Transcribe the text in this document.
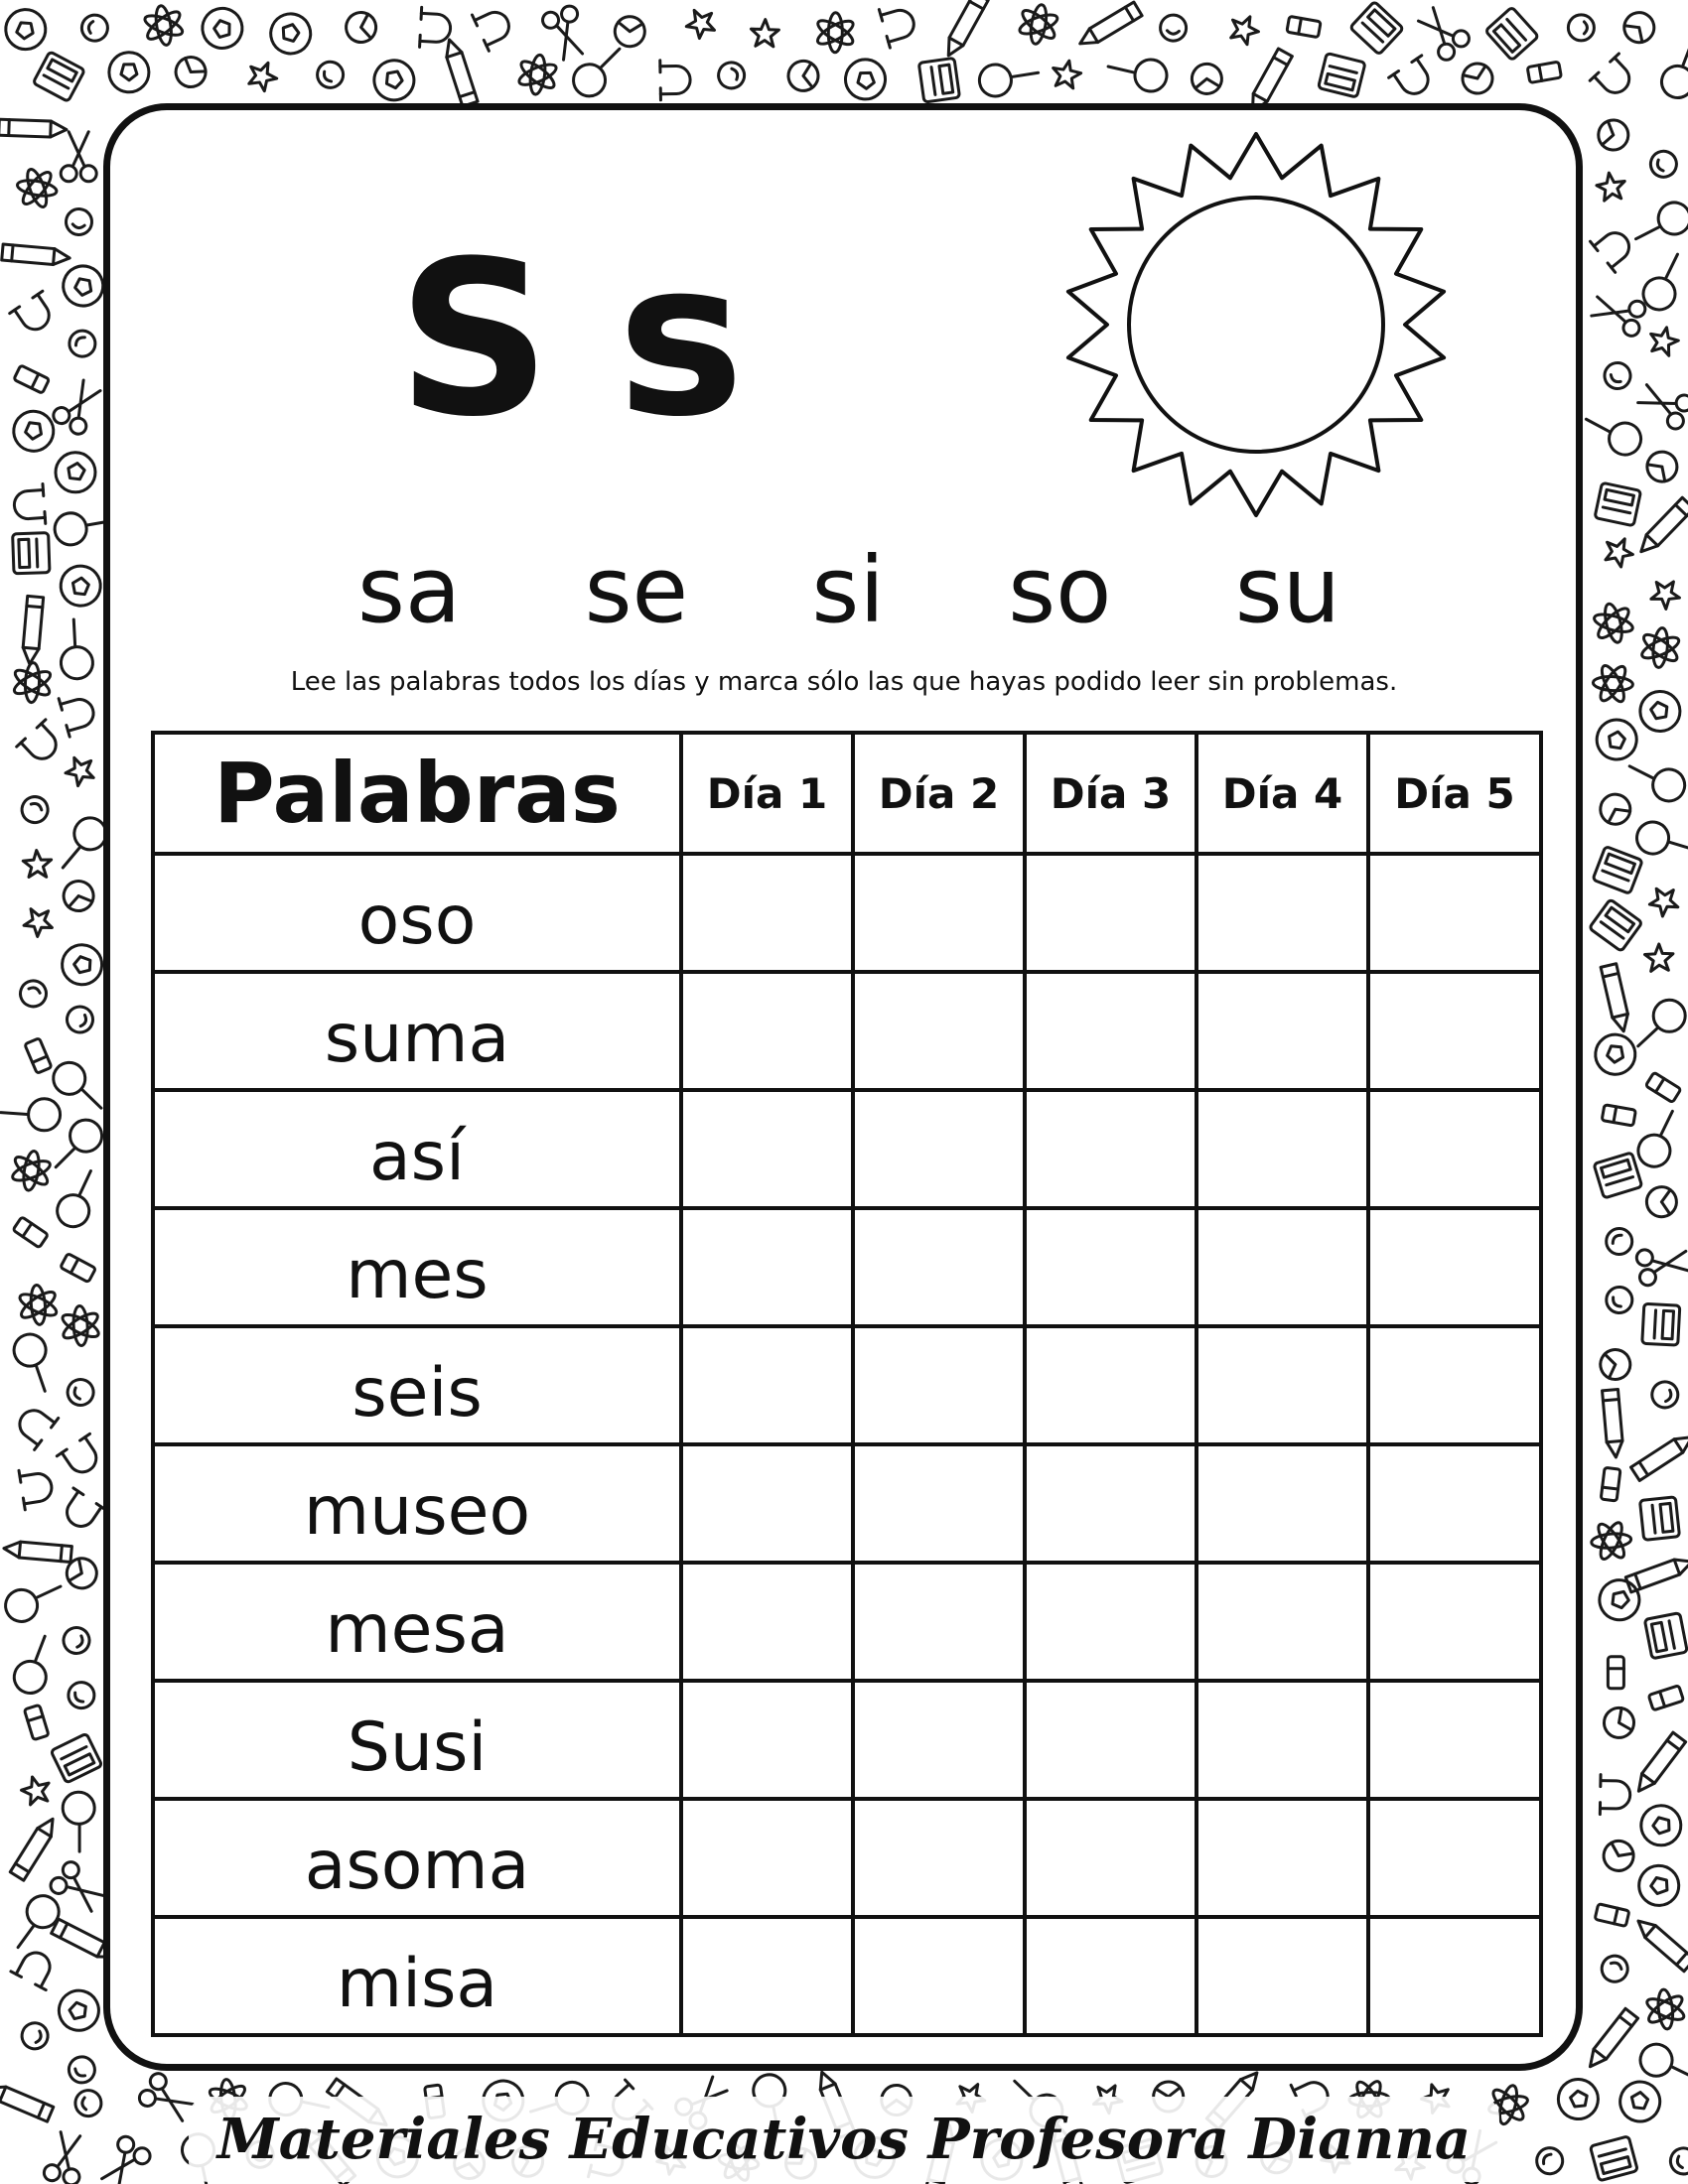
S s
sa se si so su
Lee las palabras todos los días y marca sólo las que hayas podido leer sin problemas.
Palabras	Día 1	Día 2	Día 3	Día 4	Día 5
oso					
suma					
así					
mes					
seis					
museo					
mesa					
Susi					
asoma					
misa					
Materiales Educativos Profesora Dianna
